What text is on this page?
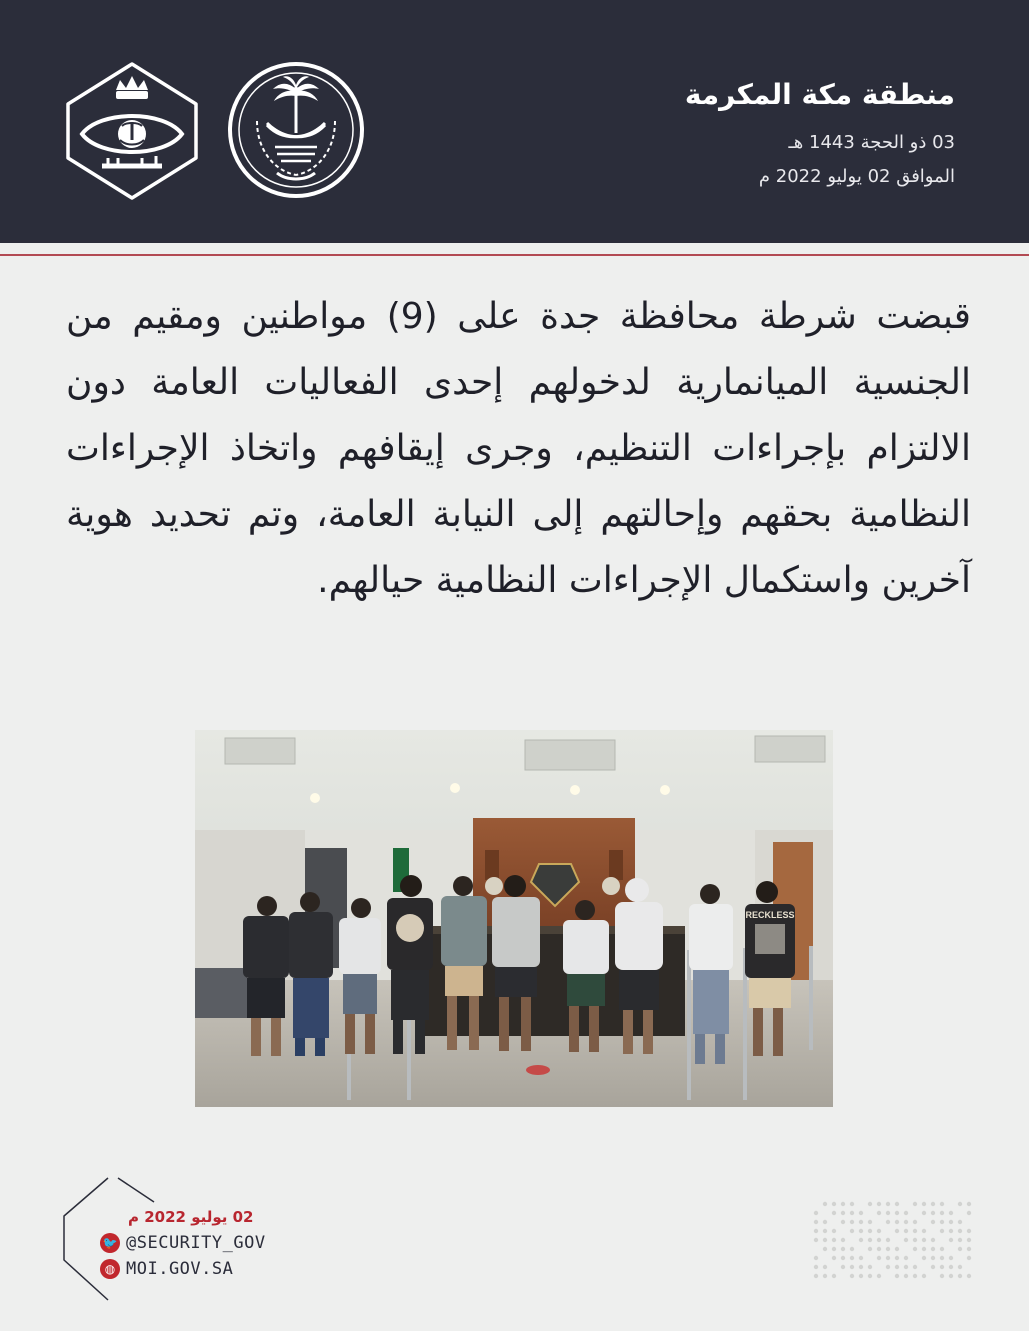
منطقة مكة المكرمة
03 ذو الحجة 1443 هـ
الموافق 02 يوليو 2022 م
قبضت شرطة محافظة جدة على (9) مواطنين ومقيم من الجنسية الميانمارية لدخولهم إحدى الفعاليات العامة دون الالتزام بإجراءات التنظيم، وجرى إيقافهم واتخاذ الإجراءات النظامية بحقهم وإحالتهم إلى النيابة العامة، وتم تحديد هوية آخرين واستكمال الإجراءات النظامية حيالهم.
RECKLESS
02 يوليو 2022 م
🐦 @SECURITY_GOV
◍ MOI.GOV.SA
